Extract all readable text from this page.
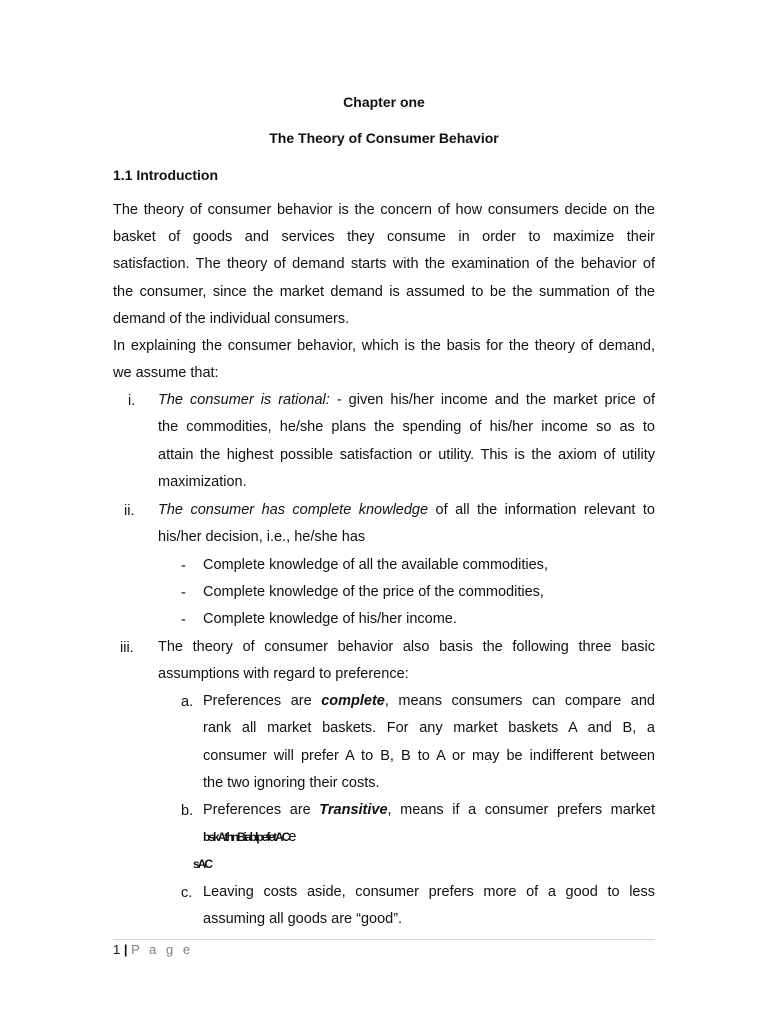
Chapter one
The Theory of Consumer Behavior
1.1 Introduction
The theory of consumer behavior is the concern of how consumers decide on the
basket of goods and services they consume in order to maximize their
satisfaction. The theory of demand starts with the examination of the behavior of
the consumer, since the market demand is assumed to be the summation of the
demand of the individual consumers.
In explaining the consumer behavior, which is the basis for the theory of demand,
we assume that:
i. The consumer is rational: - given his/her income and the market price of
the commodities, he/she plans the spending of his/her income so as to
attain the highest possible satisfaction or utility. This is the axiom of utility
maximization.
ii. The consumer has complete knowledge of all the information relevant to
his/her decision, i.e., he/she has
- Complete knowledge of all the available commodities,
- Complete knowledge of the price of the commodities,
- Complete knowledge of his/her income.
iii. The theory of consumer behavior also basis the following three basic
assumptions with regard to preference:
a. Preferences are complete, means consumers can compare and
rank all market baskets. For any market baskets A and B, a
consumer will prefer A to B, B to A or may be indifferent between
the two ignoring their costs.
b. Preferences are Transitive, means if a consumer prefers market
bskAthnBiablpefetACe
sAC
c. Leaving costs aside, consumer prefers more of a good to less
assuming all goods are “good”.
1 | P a g e
